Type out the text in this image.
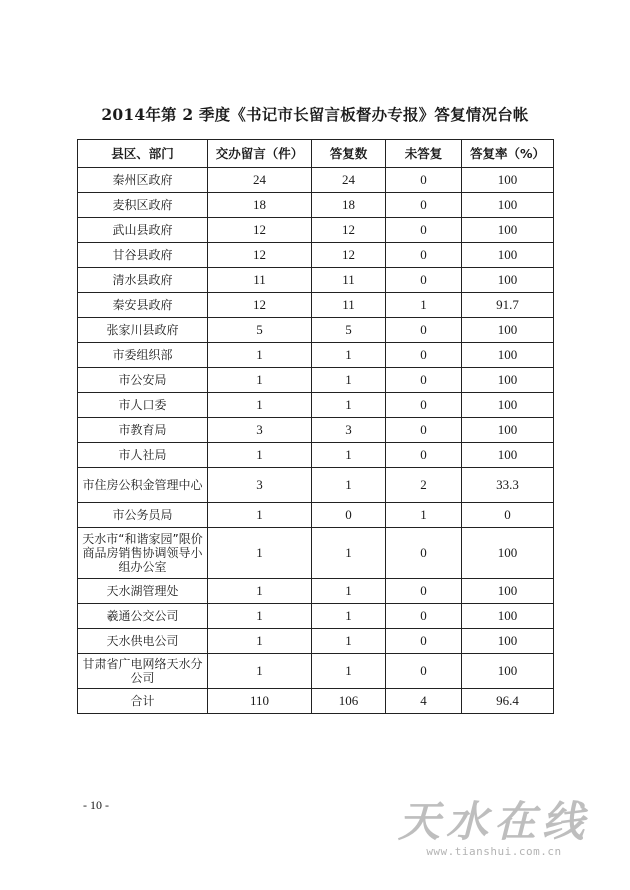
2014年第 2 季度《书记市长留言板督办专报》答复情况台帐
县区、部门	交办留言（件）	答复数	未答复	答复率（%）
秦州区政府	24	24	0	100
麦积区政府	18	18	0	100
武山县政府	12	12	0	100
甘谷县政府	12	12	0	100
清水县政府	11	11	0	100
秦安县政府	12	11	1	91.7
张家川县政府	5	5	0	100
市委组织部	1	1	0	100
市公安局	1	1	0	100
市人口委	1	1	0	100
市教育局	3	3	0	100
市人社局	1	1	0	100
市住房公积金管理中心	3	1	2	33.3
市公务员局	1	0	1	0
天水市“和谐家园”限价商品房销售协调领导小组办公室	1	1	0	100
天水湖管理处	1	1	0	100
羲通公交公司	1	1	0	100
天水供电公司	1	1	0	100
甘肃省广电网络天水分公司	1	1	0	100
合计	110	106	4	96.4
- 10 -	天水在线
www.tianshui.com.cn
